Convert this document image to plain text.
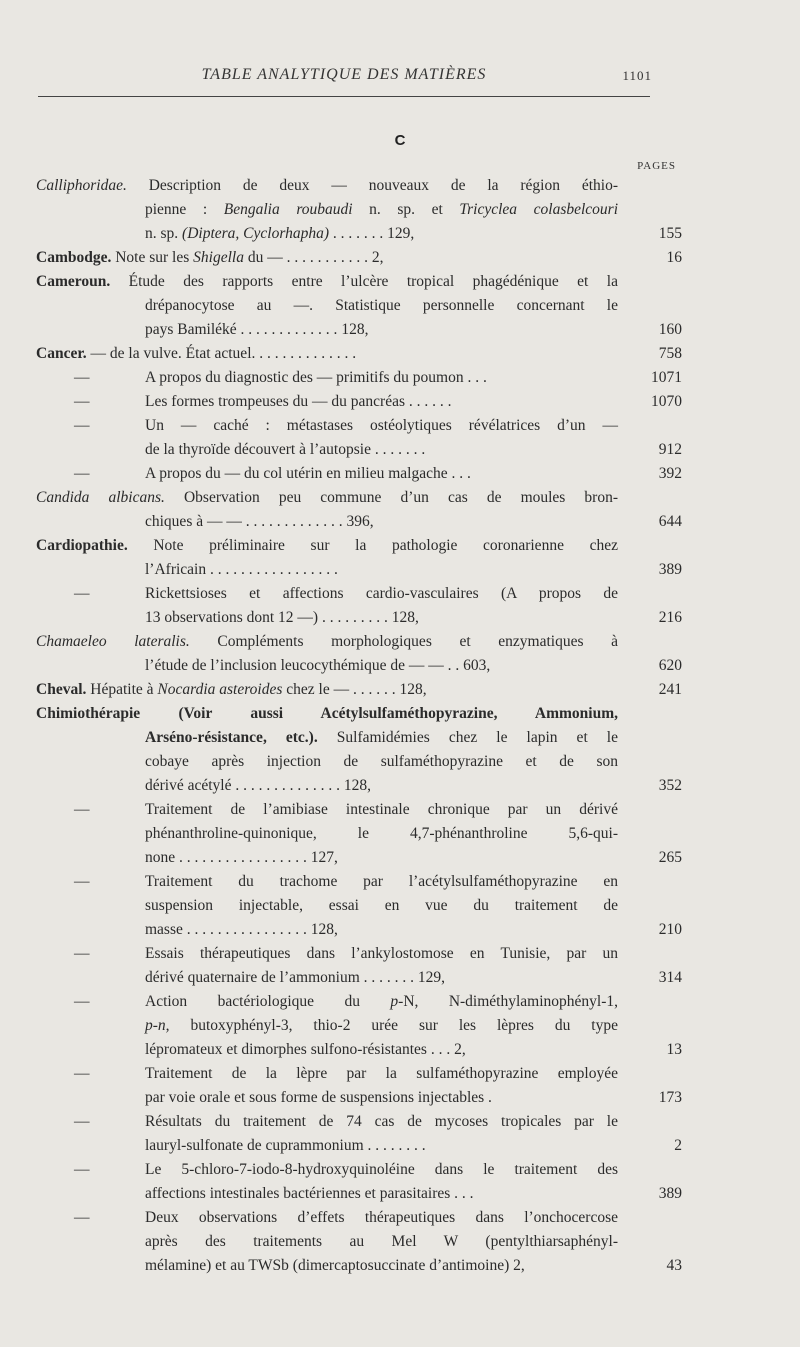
TABLE ANALYTIQUE DES MATIÈRES	1101
C
PAGES
Calliphoridae. Description de deux — nouveaux de la région éthio-
pienne : Bengalia roubaudi n. sp. et Tricyclea colasbelcouri
n. sp. (Diptera, Cyclorhapha) . . . . . . . 129,	155
Cambodge. Note sur les Shigella du — . . . . . . . . . . . 2,	16
Cameroun. Étude des rapports entre l’ulcère tropical phagédénique et la
drépanocytose au —. Statistique personnelle concernant le
pays Bamiléké . . . . . . . . . . . . . 128,	160
Cancer. — de la vulve. État actuel. . . . . . . . . . . . . .	758
—	A propos du diagnostic des — primitifs du poumon . . .	1071
—	Les formes trompeuses du — du pancréas . . . . . .	1070
—	Un — caché : métastases ostéolytiques révélatrices d’un —
de la thyroïde découvert à l’autopsie . . . . . . .	912
—	A propos du — du col utérin en milieu malgache . . .	392
Candida albicans. Observation peu commune d’un cas de moules bron-
chiques à — — . . . . . . . . . . . . . 396,	644
Cardiopathie. Note préliminaire sur la pathologie coronarienne chez
l’Africain . . . . . . . . . . . . . . . . .	389
—	Rickettsioses et affections cardio-vasculaires (A propos de
13 observations dont 12 —) . . . . . . . . . 128,	216
Chamaeleo lateralis. Compléments morphologiques et enzymatiques à
l’étude de l’inclusion leucocythémique de — — . . 603,	620
Cheval. Hépatite à Nocardia asteroides chez le — . . . . . . 128,	241
Chimiothérapie (Voir aussi Acétylsulfaméthopyrazine, Ammonium,
Arséno-résistance, etc.). Sulfamidémies chez le lapin et le
cobaye après injection de sulfaméthopyrazine et de son
dérivé acétylé . . . . . . . . . . . . . . 128,	352
—	Traitement de l’amibiase intestinale chronique par un dérivé
phénanthroline-quinonique, le 4,7-phénanthroline 5,6-qui-
none . . . . . . . . . . . . . . . . . 127,	265
—	Traitement du trachome par l’acétylsulfaméthopyrazine en
suspension injectable, essai en vue du traitement de
masse . . . . . . . . . . . . . . . . 128,	210
—	Essais thérapeutiques dans l’ankylostomose en Tunisie, par un
dérivé quaternaire de l’ammonium . . . . . . . 129,	314
—	Action bactériologique du p-N, N-diméthylaminophényl-1,
p-n, butoxyphényl-3, thio-2 urée sur les lèpres du type
lépromateux et dimorphes sulfono-résistantes . . . 2,	13
—	Traitement de la lèpre par la sulfaméthopyrazine employée
par voie orale et sous forme de suspensions injectables .	173
—	Résultats du traitement de 74 cas de mycoses tropicales par le
lauryl-sulfonate de cuprammonium . . . . . . . .	2
—	Le 5-chloro-7-iodo-8-hydroxyquinoléine dans le traitement des
affections intestinales bactériennes et parasitaires . . .	389
—	Deux observations d’effets thérapeutiques dans l’onchocercose
après des traitements au Mel W (pentylthiarsaphényl-
mélamine) et au TWSb (dimercaptosuccinate d’antimoine) 2,	43
